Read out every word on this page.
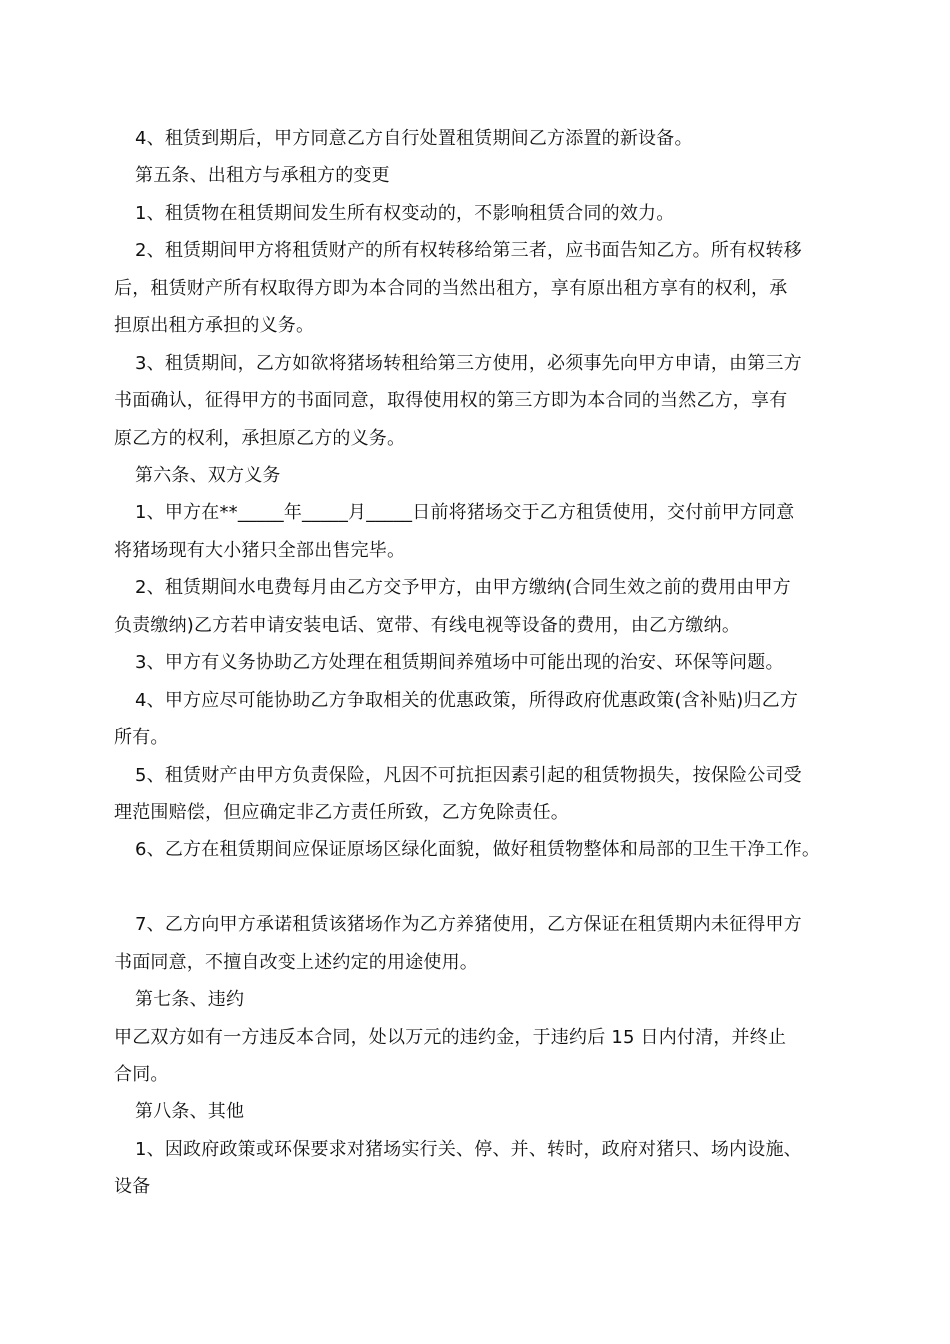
4、租赁到期后，甲方同意乙方自行处置租赁期间乙方添置的新设备。
第五条、出租方与承租方的变更
1、租赁物在租赁期间发生所有权变动的，不影响租赁合同的效力。
2、租赁期间甲方将租赁财产的所有权转移给第三者，应书面告知乙方。所有权转移
后，租赁财产所有权取得方即为本合同的当然出租方，享有原出租方享有的权利，承
担原出租方承担的义务。
3、租赁期间，乙方如欲将猪场转租给第三方使用，必须事先向甲方申请，由第三方
书面确认，征得甲方的书面同意，取得使用权的第三方即为本合同的当然乙方，享有
原乙方的权利，承担原乙方的义务。
第六条、双方义务
1、甲方在**_____年_____月_____日前将猪场交于乙方租赁使用，交付前甲方同意
将猪场现有大小猪只全部出售完毕。
2、租赁期间水电费每月由乙方交予甲方，由甲方缴纳(合同生效之前的费用由甲方
负责缴纳)乙方若申请安装电话、宽带、有线电视等设备的费用，由乙方缴纳。
3、甲方有义务协助乙方处理在租赁期间养殖场中可能出现的治安、环保等问题。
4、甲方应尽可能协助乙方争取相关的优惠政策，所得政府优惠政策(含补贴)归乙方
所有。
5、租赁财产由甲方负责保险，凡因不可抗拒因素引起的租赁物损失，按保险公司受
理范围赔偿，但应确定非乙方责任所致，乙方免除责任。
6、乙方在租赁期间应保证原场区绿化面貌，做好租赁物整体和局部的卫生干净工作。
7、乙方向甲方承诺租赁该猪场作为乙方养猪使用，乙方保证在租赁期内未征得甲方
书面同意，不擅自改变上述约定的用途使用。
第七条、违约
甲乙双方如有一方违反本合同，处以万元的违约金，于违约后 15 日内付清，并终止
合同。
第八条、其他
1、因政府政策或环保要求对猪场实行关、停、并、转时，政府对猪只、场内设施、
设备
